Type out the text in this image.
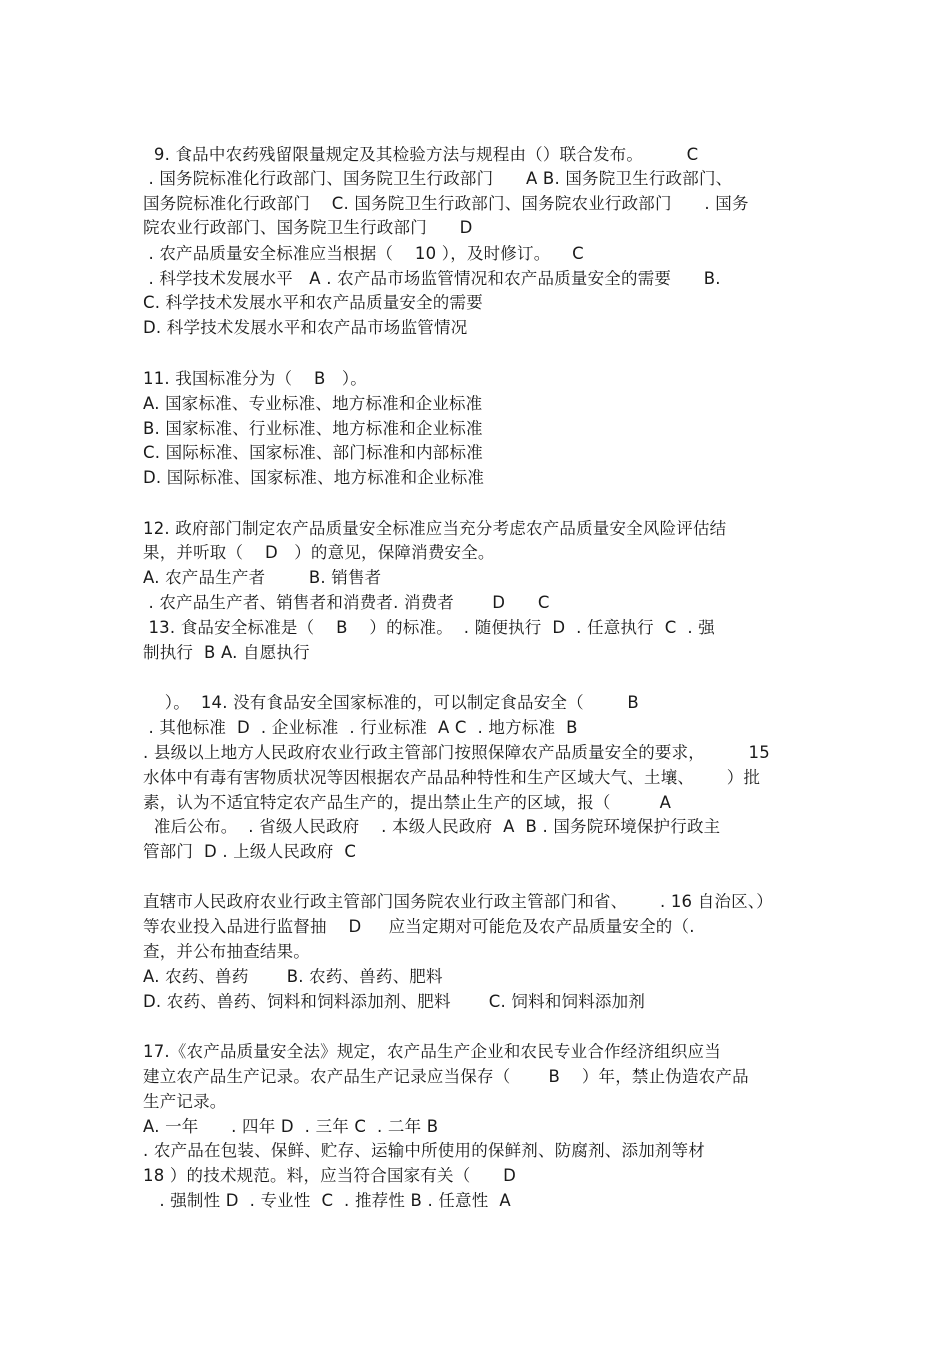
9. 食品中农药残留限量规定及其检验方法与规程由（）联合发布。        C
. 国务院标准化行政部门、国务院卫生行政部门      A B. 国务院卫生行政部门、
国务院标准化行政部门    C. 国务院卫生行政部门、国务院农业行政部门      . 国务
院农业行政部门、国务院卫生行政部门      D
. 农产品质量安全标准应当根据（    10 ），及时修订。    C
. 科学技术发展水平   A . 农产品市场监管情况和农产品质量安全的需要      B.
C. 科学技术发展水平和农产品质量安全的需要
D. 科学技术发展水平和农产品市场监管情况
11. 我国标准分为（    B   ）。
A. 国家标准、专业标准、地方标准和企业标准
B. 国家标准、行业标准、地方标准和企业标准
C. 国际标准、国家标准、部门标准和内部标准
D. 国际标准、国家标准、地方标准和企业标准
12. 政府部门制定农产品质量安全标准应当充分考虑农产品质量安全风险评估结
果，并听取（    D   ）的意见，保障消费安全。
A. 农产品生产者        B. 销售者
. 农产品生产者、销售者和消费者. 消费者       D      C
13. 食品安全标准是（    B    ）的标准。  . 随便执行  D  . 任意执行  C  . 强
制执行  B A. 自愿执行
）。  14. 没有食品安全国家标准的，可以制定食品安全（        B
. 其他标准  D  . 企业标准  . 行业标准  A C  . 地方标准  B
. 县级以上地方人民政府农业行政主管部门按照保障农产品质量安全的要求，        15
水体中有毒有害物质状况等因根据农产品品种特性和生产区域大气、土壤、      ）批
素，认为不适宜特定农产品生产的，提出禁止生产的区域，报（         A
准后公布。  . 省级人民政府    . 本级人民政府  A  B . 国务院环境保护行政主
管部门  D . 上级人民政府  C
直辖市人民政府农业行政主管部门国务院农业行政主管部门和省、      . 16 自治区、）
等农业投入品进行监督抽    D     应当定期对可能危及农产品质量安全的（.
查，并公布抽查结果。
A. 农药、兽药       B. 农药、兽药、肥料
D. 农药、兽药、饲料和饲料添加剂、肥料       C. 饲料和饲料添加剂
17.《农产品质量安全法》规定，农产品生产企业和农民专业合作经济组织应当
建立农产品生产记录。农产品生产记录应当保存（       B    ）年，禁止伪造农产品
生产记录。
A. 一年      . 四年 D  . 三年 C  . 二年 B
. 农产品在包装、保鲜、贮存、运输中所使用的保鲜剂、防腐剂、添加剂等材
18 ）的技术规范。料，应当符合国家有关（      D
. 强制性 D  . 专业性  C  . 推荐性 B . 任意性  A
